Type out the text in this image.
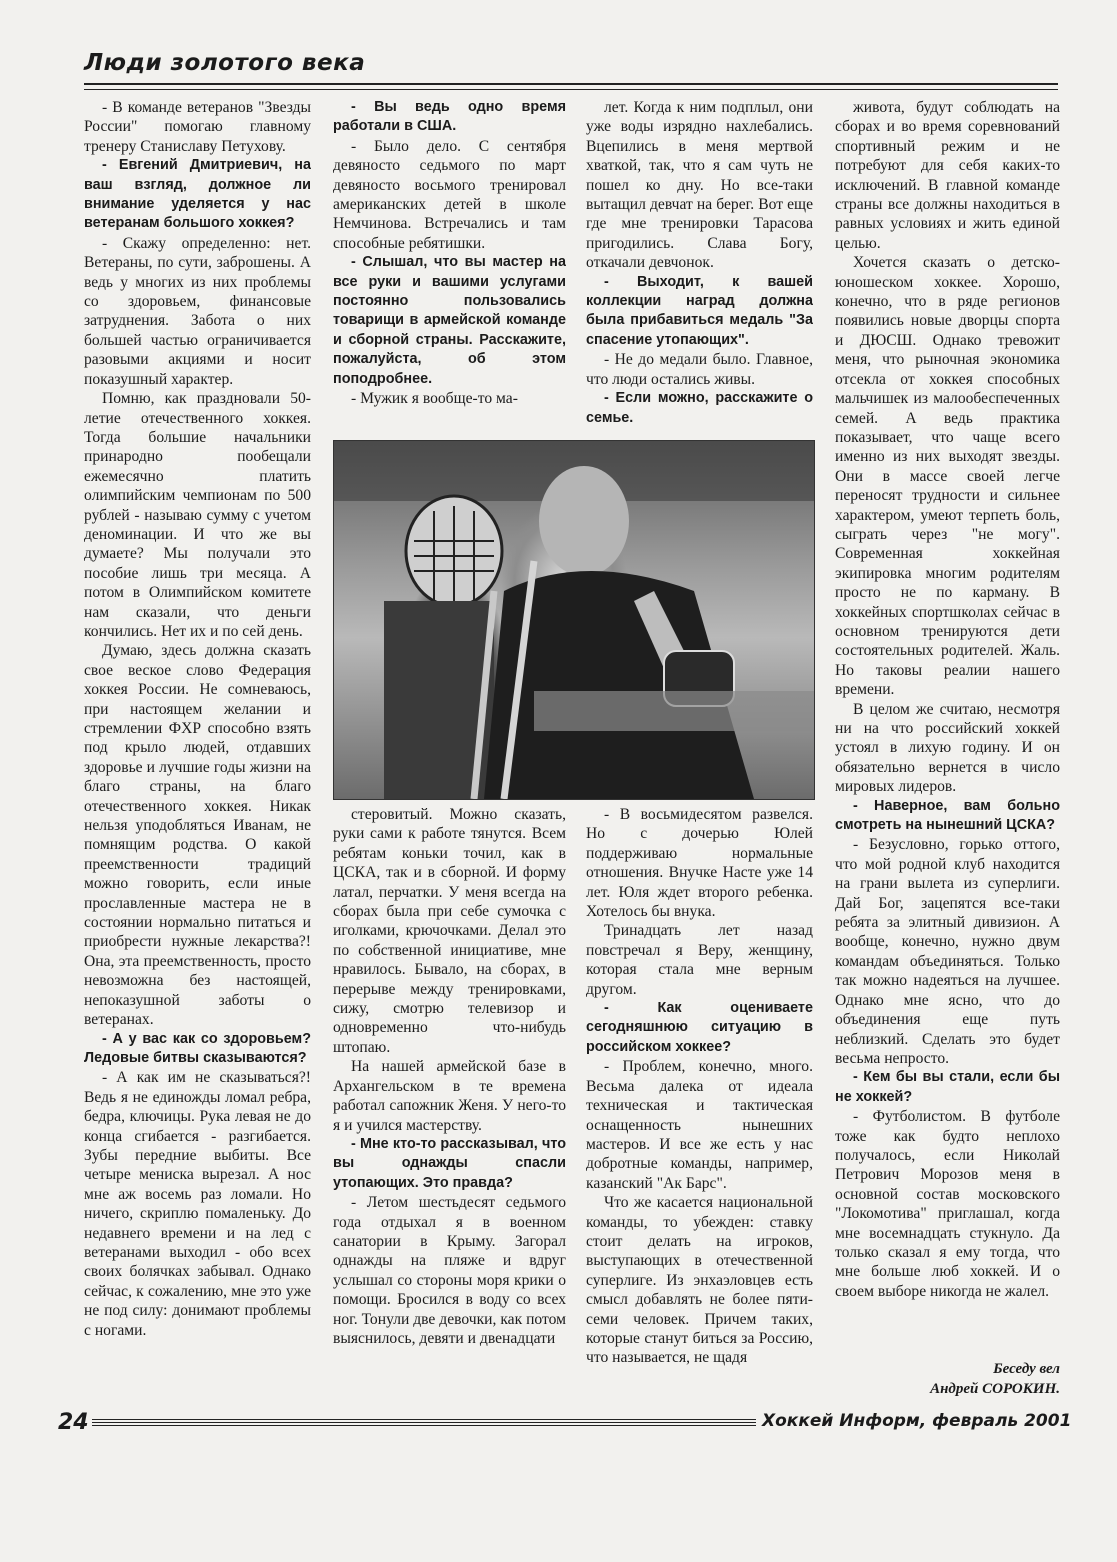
Люди золотого века

- В команде ветеранов "Звезды России" помогаю главному тренеру Станиславу Петухову.

- Евгений Дмитриевич, на ваш взгляд, должное ли внимание уделяется у нас ветеранам большого хоккея?

- Скажу определенно: нет. Ветераны, по сути, заброшены. А ведь у многих из них проблемы со здоровьем, финансовые затруднения. Забота о них большей частью ограничивается разовыми акциями и носит показушный характер.

Помню, как праздновали 50-летие отечественного хоккея. Тогда большие начальники принародно пообещали ежемесячно платить олимпийским чемпионам по 500 рублей - называю сумму с учетом деноминации. И что же вы думаете? Мы получали это пособие лишь три месяца. А потом в Олимпийском комитете нам сказали, что деньги кончились. Нет их и по сей день.

Думаю, здесь должна сказать свое веское слово Федерация хоккея России. Не сомневаюсь, при настоящем желании и стремлении ФХР способно взять под крыло людей, отдавших здоровье и лучшие годы жизни на благо страны, на благо отечественного хоккея. Никак нельзя уподобляться Иванам, не помнящим родства. О какой преемственности традиций можно говорить, если иные прославленные мастера не в состоянии нормально питаться и приобрести нужные лекарства?! Она, эта преемственность, просто невозможна без настоящей, непоказушной заботы о ветеранах.

- А у вас как со здоровьем? Ледовые битвы сказываются?

- А как им не сказываться?! Ведь я не единожды ломал ребра, бедра, ключицы. Рука левая не до конца сгибается - разгибается. Зубы передние выбиты. Все четыре мениска вырезал. А нос мне аж восемь раз ломали. Но ничего, скриплю помаленьку. До недавнего времени и на лед с ветеранами выходил - обо всех своих болячках забывал. Однако сейчас, к сожалению, мне это уже не под силу: донимают проблемы с ногами.

- Вы ведь одно время работали в США.

- Было дело. С сентября девяносто седьмого по март девяносто восьмого тренировал американских детей в школе Немчинова. Встречались и там способные ребятишки.

- Слышал, что вы мастер на все руки и вашими услугами постоянно пользовались товарищи в армейской команде и сборной страны. Расскажите, пожалуйста, об этом поподробнее.

- Мужик я вообще-то ма-

лет. Когда к ним подплыл, они уже воды изрядно нахлебались. Вцепились в меня мертвой хваткой, так, что я сам чуть не пошел ко дну. Но все-таки вытащил девчат на берег. Вот еще где мне тренировки Тарасова пригодились. Слава Богу, откачали девчонок.

- Выходит, к вашей коллекции наград должна была прибавиться медаль "За спасение утопающих".

- Не до медали было. Главное, что люди остались живы.

- Если можно, расскажите о семье.

стеровитый. Можно сказать, руки сами к работе тянутся. Всем ребятам коньки точил, как в ЦСКА, так и в сборной. И форму латал, перчатки. У меня всегда на сборах была при себе сумочка с иголками, крючочками. Делал это по собственной инициативе, мне нравилось. Бывало, на сборах, в перерыве между тренировками, сижу, смотрю телевизор и одновременно что-нибудь штопаю.

На нашей армейской базе в Архангельском в те времена работал сапожник Женя. У него-то я и учился мастерству.

- Мне кто-то рассказывал, что вы однажды спасли утопающих. Это правда?

- Летом шестьдесят седьмого года отдыхал я в военном санатории в Крыму. Загорал однажды на пляже и вдруг услышал со стороны моря крики о помощи. Бросился в воду со всех ног. Тонули две девочки, как потом выяснилось, девяти и двенадцати

- В восьмидесятом развелся. Но с дочерью Юлей поддерживаю нормальные отношения. Внучке Насте уже 14 лет. Юля ждет второго ребенка. Хотелось бы внука.

Тринадцать лет назад повстречал я Веру, женщину, которая стала мне верным другом.

- Как оцениваете сегодняшнюю ситуацию в российском хоккее?

- Проблем, конечно, много. Весьма далека от идеала техническая и тактическая оснащенность нынешних мастеров. И все же есть у нас добротные команды, например, казанский "Ак Барс".

Что же касается национальной команды, то убежден: ставку стоит делать на игроков, выступающих в отечественной суперлиге. Из энхаэловцев есть смысл добавлять не более пяти-семи человек. Причем таких, которые станут биться за Россию, что называется, не щадя

живота, будут соблюдать на сборах и во время соревнований спортивный режим и не потребуют для себя каких-то исключений. В главной команде страны все должны находиться в равных условиях и жить единой целью.

Хочется сказать о детско-юношеском хоккее. Хорошо, конечно, что в ряде регионов появились новые дворцы спорта и ДЮСШ. Однако тревожит меня, что рыночная экономика отсекла от хоккея способных мальчишек из малообеспеченных семей. А ведь практика показывает, что чаще всего именно из них выходят звезды. Они в массе своей легче переносят трудности и сильнее характером, умеют терпеть боль, сыграть через "не могу". Современная хоккейная экипировка многим родителям просто не по карману. В хоккейных спортшколах сейчас в основном тренируются дети состоятельных родителей. Жаль. Но таковы реалии нашего времени.

В целом же считаю, несмотря ни на что российский хоккей устоял в лихую годину. И он обязательно вернется в число мировых лидеров.

- Наверное, вам больно смотреть на нынешний ЦСКА?

- Безусловно, горько оттого, что мой родной клуб находится на грани вылета из суперлиги. Дай Бог, зацепятся все-таки ребята за элитный дивизион. А вообще, конечно, нужно двум командам объединяться. Только так можно надеяться на лучшее. Однако мне ясно, что до объединения еще путь неблизкий. Сделать это будет весьма непросто.

- Кем бы вы стали, если бы не хоккей?

- Футболистом. В футболе тоже как будто неплохо получалось, если Николай Петрович Морозов меня в основной состав московского "Локомотива" приглашал, когда мне восемнадцать стукнуло. Да только сказал я ему тогда, что мне больше люб хоккей. И о своем выборе никогда не жалел.

Беседу вел
Андрей СОРОКИН.
24	Хоккей Информ, февраль 2001
